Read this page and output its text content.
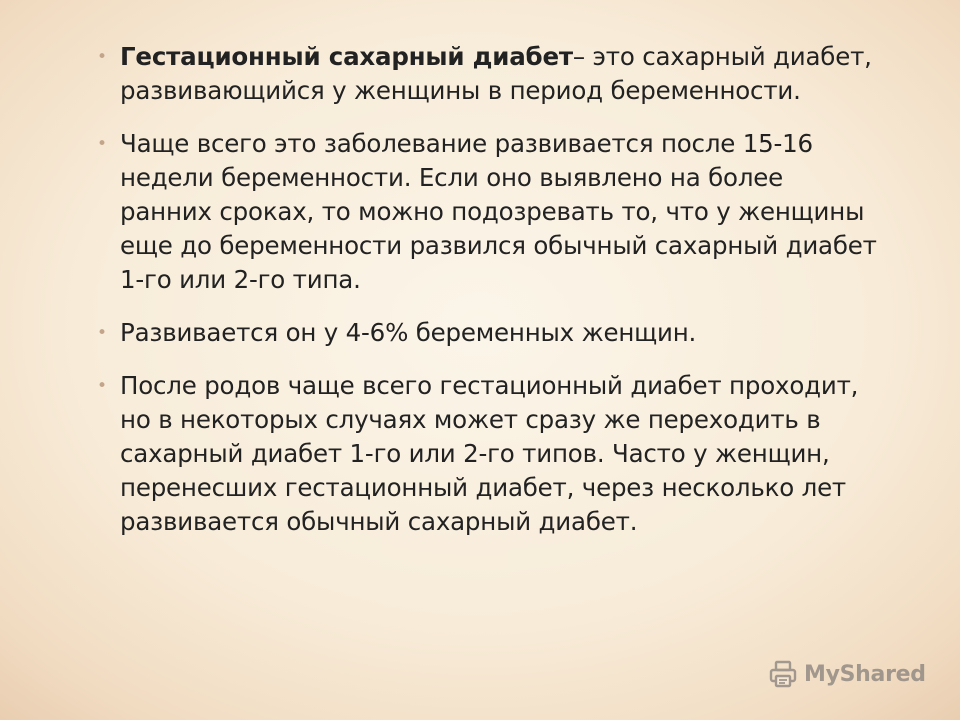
• Гестационный сахарный диабет– это сахарный диабет, развивающийся у женщины в период беременности.
• Чаще всего это заболевание развивается после 15-16 недели беременности. Если оно выявлено на более ранних сроках, то можно подозревать то, что у женщины еще до беременности развился обычный сахарный диабет 1-го или 2-го типа.
• Развивается он у 4-6% беременных женщин.
• После родов чаще всего гестационный диабет проходит, но в некоторых случаях может сразу же переходить в сахарный диабет 1-го или 2-го типов. Часто у женщин, перенесших гестационный диабет, через несколько лет развивается обычный сахарный диабет.
MyShared
